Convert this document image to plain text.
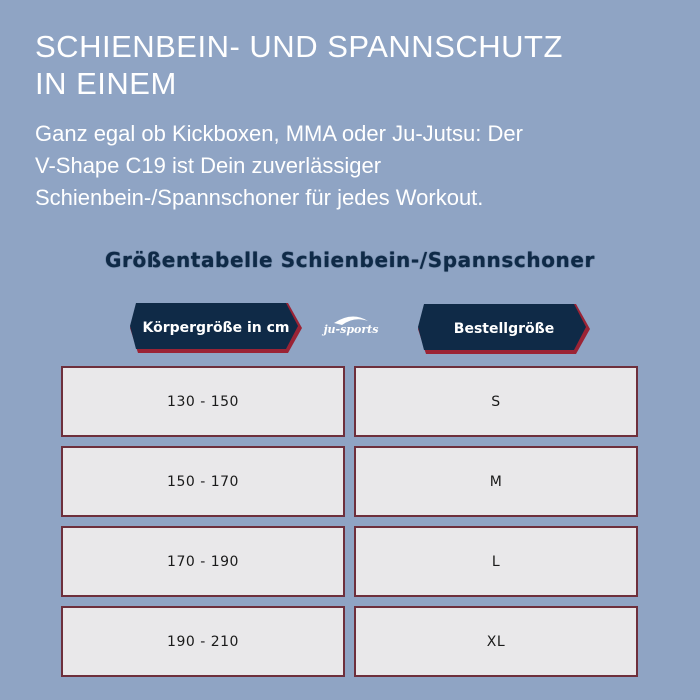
SCHIENBEIN- UND SPANNSCHUTZ
IN EINEM
Ganz egal ob Kickboxen, MMA oder Ju-Jutsu: Der
V-Shape C19 ist Dein zuverlässiger
Schienbein-/Spannschoner für jedes Workout.
Größentabelle Schienbein-/Spannschoner
Körpergröße in cm	ju-sports	Bestellgröße
130 - 150	S
150 - 170	M
170 - 190	L
190 - 210	XL
